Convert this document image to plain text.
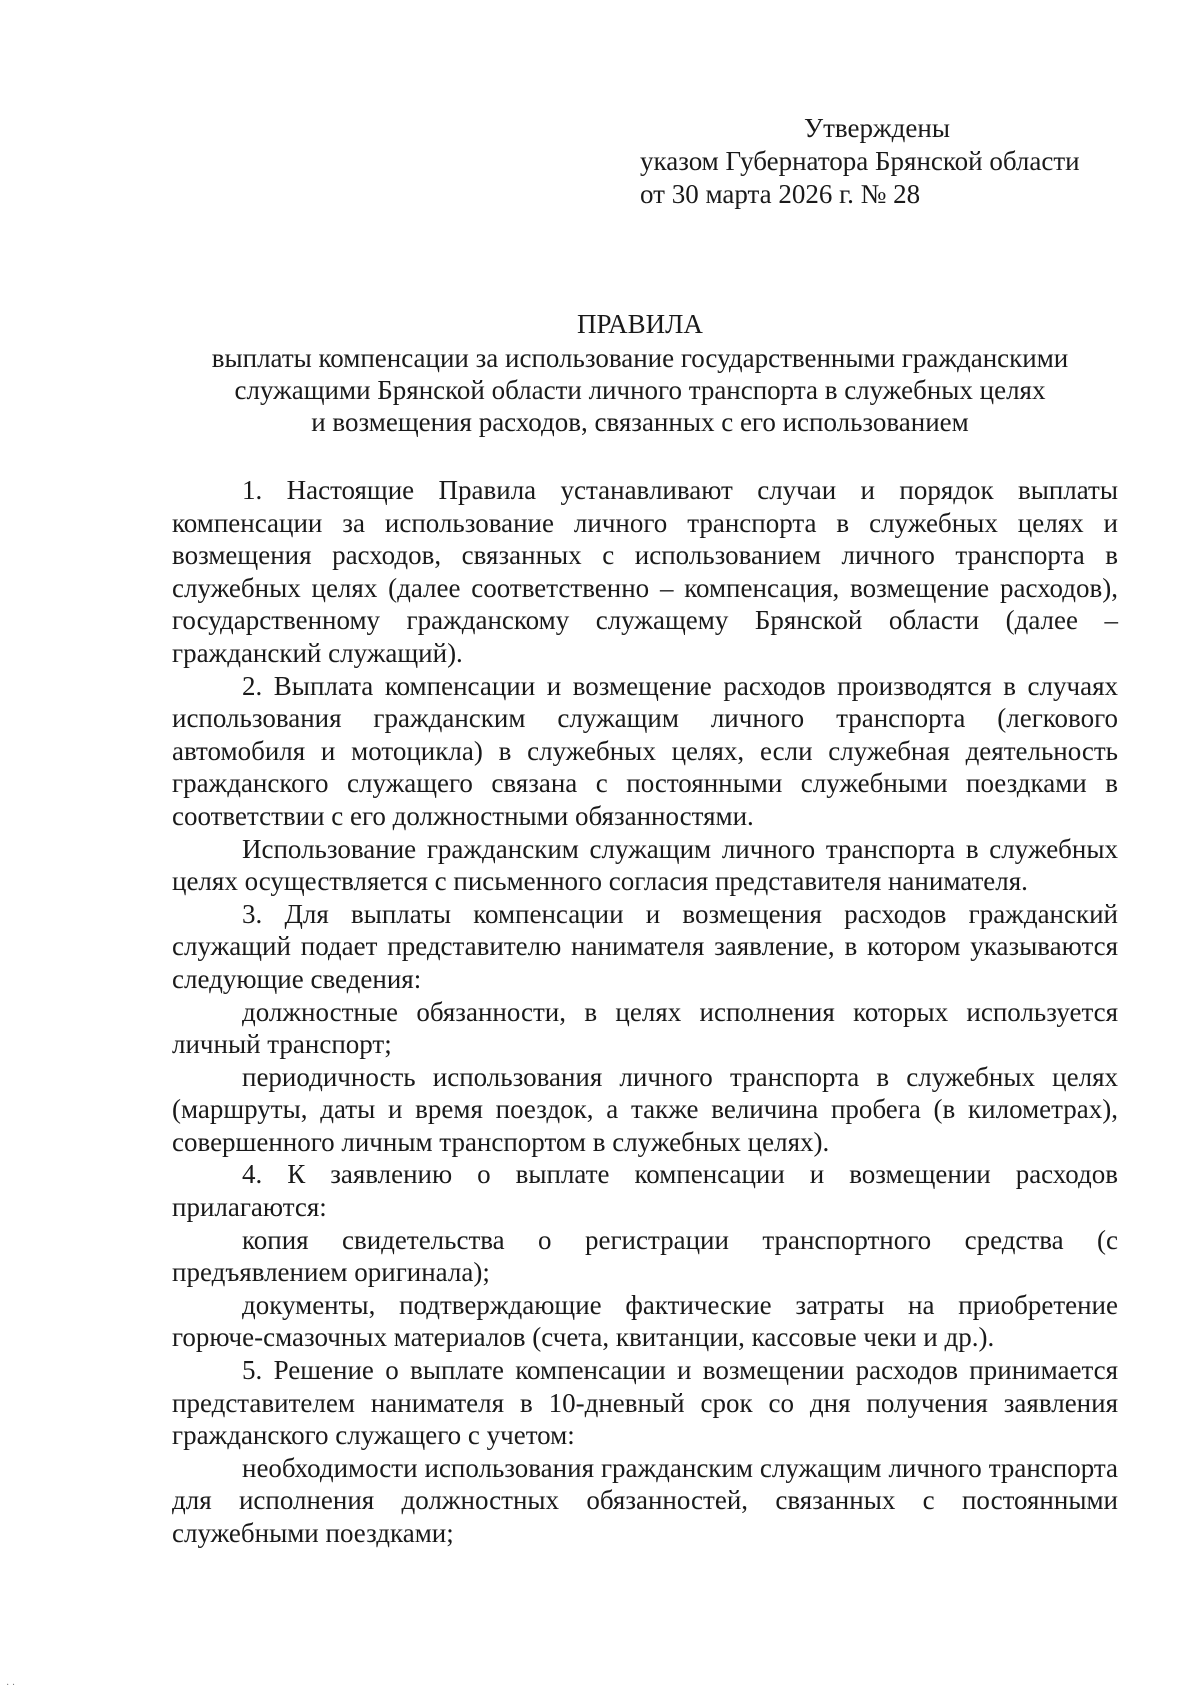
Утверждены
указом Губернатора Брянской области
от 30 марта 2026 г. № 28
ПРАВИЛА
выплаты компенсации за использование государственными гражданскими
служащими Брянской области личного транспорта в служебных целях
и возмещения расходов, связанных с его использованием

1. Настоящие Правила устанавливают случаи и порядок выплаты компенсации за использование личного транспорта в служебных целях и возмещения расходов, связанных с использованием личного транспорта в служебных целях (далее соответственно – компенсация, возмещение расходов), государственному гражданскому служащему Брянской области (далее – гражданский служащий).

2. Выплата компенсации и возмещение расходов производятся в случаях использования гражданским служащим личного транспорта (легкового автомобиля и мотоцикла) в служебных целях, если служебная деятельность гражданского служащего связана с постоянными служебными поездками в соответствии с его должностными обязанностями.

Использование гражданским служащим личного транспорта в служебных целях осуществляется с письменного согласия представителя нанимателя.

3. Для выплаты компенсации и возмещения расходов гражданский служащий подает представителю нанимателя заявление, в котором указываются следующие сведения:

должностные обязанности, в целях исполнения которых используется личный транспорт;

периодичность использования личного транспорта в служебных целях (маршруты, даты и время поездок, а также величина пробега (в километрах), совершенного личным транспортом в служебных целях).

4. К заявлению о выплате компенсации и возмещении расходов прилагаются:

копия свидетельства о регистрации транспортного средства (с предъявлением оригинала);

документы, подтверждающие фактические затраты на приобретение горюче-смазочных материалов (счета, квитанции, кассовые чеки и др.).

5. Решение о выплате компенсации и возмещении расходов принимается представителем нанимателя в 10-дневный срок со дня получения заявления гражданского служащего с учетом:

необходимости использования гражданским служащим личного транспорта для исполнения должностных обязанностей, связанных с постоянными служебными поездками;

· ·
